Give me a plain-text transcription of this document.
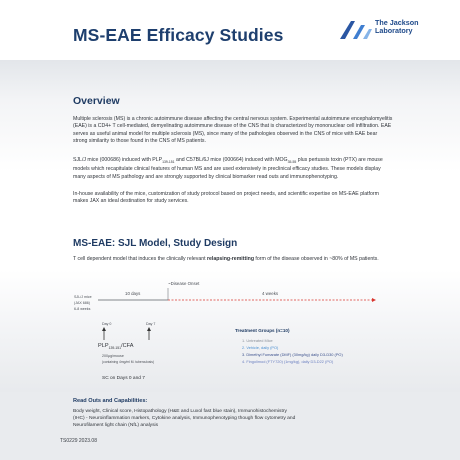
MS-EAE Efficacy Studies
The Jackson
Laboratory
Overview
Multiple sclerosis (MS) is a chronic autoimmune disease affecting the central nervous system. Experimental autoimmune encephalomyelitis (EAE) is a CD4+ T cell-mediated, demyelinating autoimmune disease of the CNS that is characterized by mononuclear cell infiltration. EAE serves as useful animal model for multiple sclerosis (MS), since many of the pathologies observed in the CNS of mice with EAE bear strong similarity to those found in the CNS of MS patients.
SJL/J mice (000686) induced with $PLP_{139-151}$ and C57BL/6J mice (000664) induced with $MOG_{35-55}$ plus pertussis toxin (PTX) are mouse models which recapitulate clinical features of human MS and are used extensively in preclinical efficacy studies. These models display many aspects of MS pathology and are strongly supported by clinical biomarker read outs and immunophenotyping.
In-house availability of the mice, customization of study protocol based on project needs, and scientific expertise on MS-EAE platform makes JAX an ideal destination for study services.
MS-EAE: SJL Model, Study Design
T cell dependent model that induces the clinically relevant relapsing-remitting form of the disease observed in ~80% of MS patients.
~Disease Onset
10 days	4 weeks
SJL/J mice
(JAX 686)
6-8 weeks
Day 0	Day 7
$PLP_{139-151}$/CFA
200μg/mouse
(containing 4mg/ml M. tuberculosis)
SC on Days 0 and 7
Treatment Groups (n=10)
1. Untreated Mice
2. Vehicle, daily (PO)
3. Dimethyl Fumarate (DMF) (30mg/kg) daily D3-D30 (PO)
4. Fingolimod (FTY720) (1mg/kg), daily D3-D22 (PO)
Read Outs and Capabilities:
Body weight, Clinical score, Histopathology (H&E and Luxol fast blue stain), Immunohistochemistry
(IHC) - Neuroinflammation markers, Cytokine analysis, Immunophenotyping though flow cytometry and
Neurofilament light chain (NfL) analysis
TS0229 2023.08
